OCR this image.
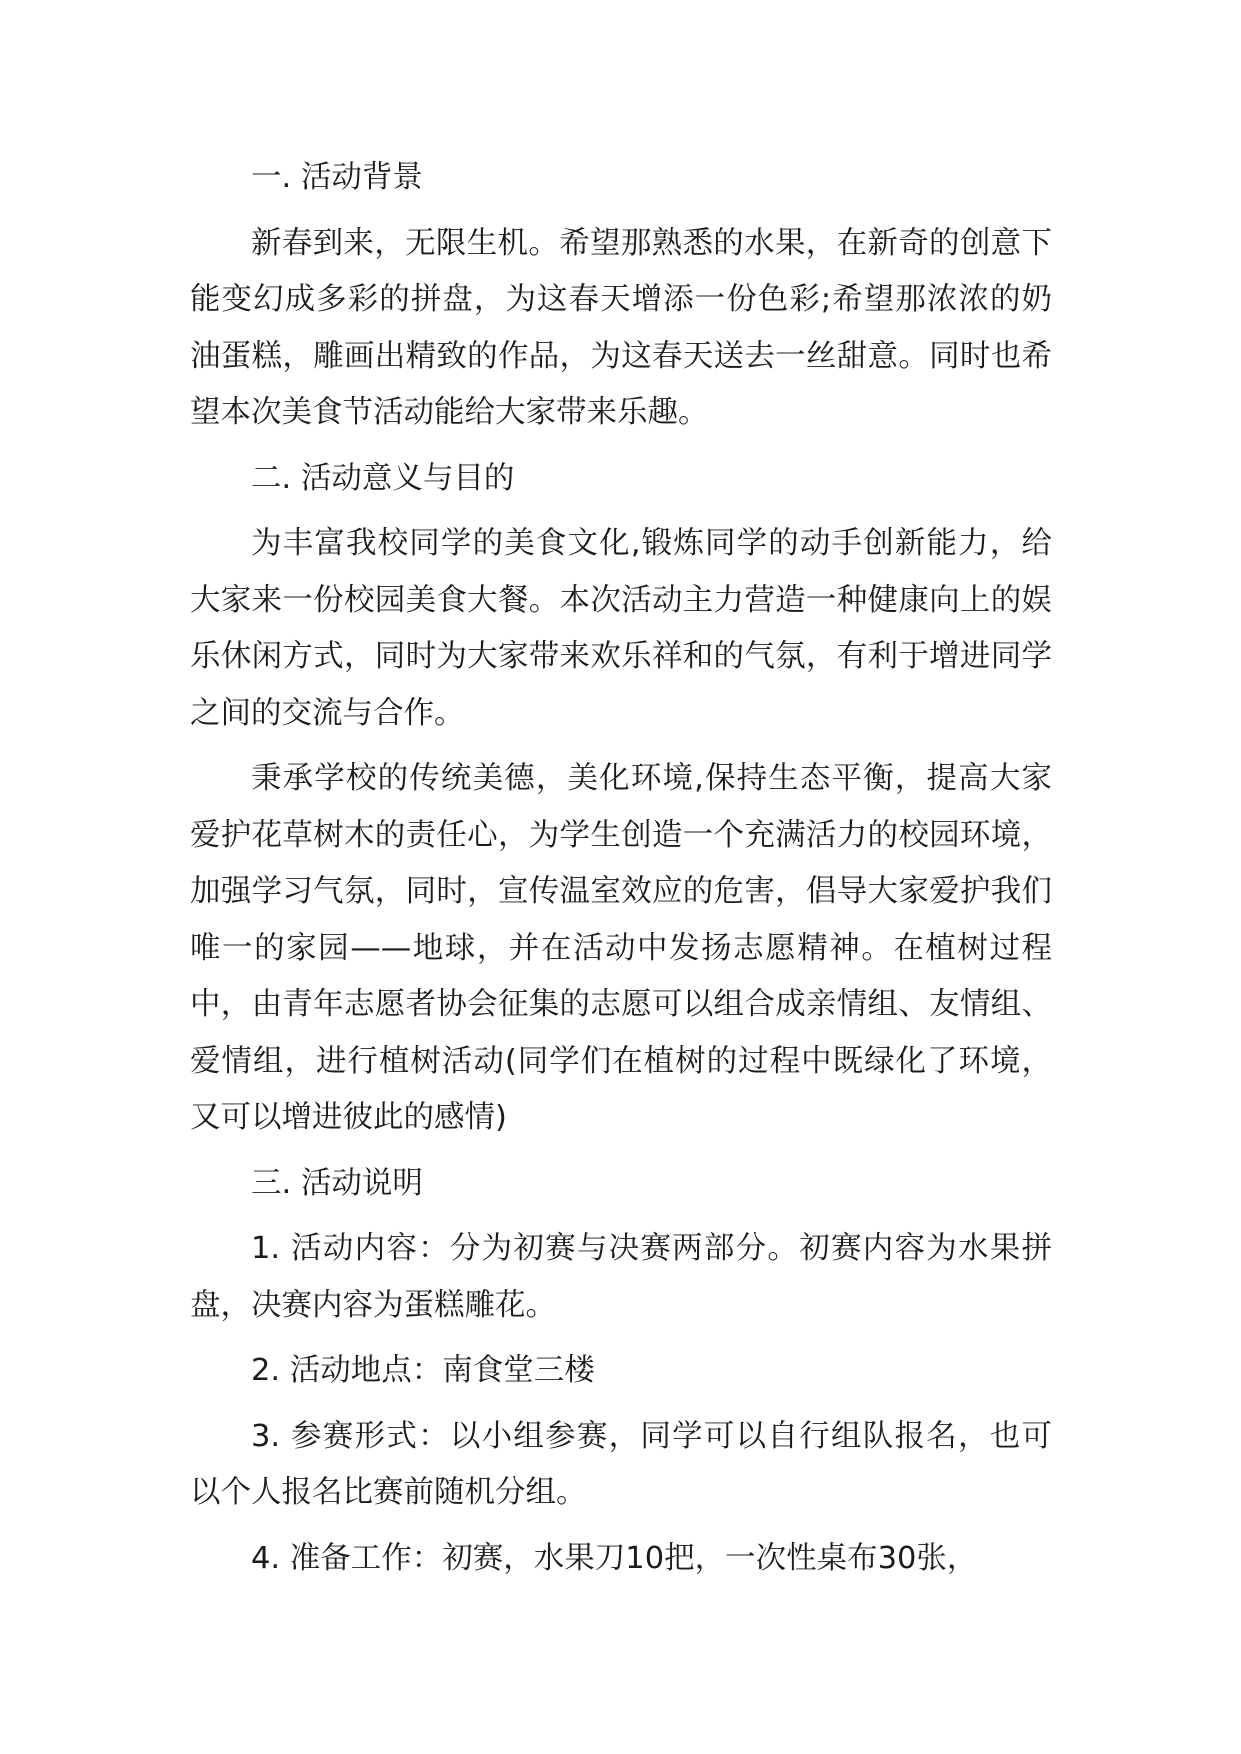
一. 活动背景

新春到来，无限生机。希望那熟悉的水果，在新奇的创意下能变幻成多彩的拼盘，为这春天增添一份色彩;希望那浓浓的奶油蛋糕，雕画出精致的作品，为这春天送去一丝甜意。同时也希望本次美食节活动能给大家带来乐趣。

二. 活动意义与目的

为丰富我校同学的美食文化,锻炼同学的动手创新能力，给大家来一份校园美食大餐。本次活动主力营造一种健康向上的娱乐休闲方式，同时为大家带来欢乐祥和的气氛，有利于增进同学之间的交流与合作。

秉承学校的传统美德，美化环境,保持生态平衡，提高大家爱护花草树木的责任心，为学生创造一个充满活力的校园环境，加强学习气氛，同时，宣传温室效应的危害，倡导大家爱护我们唯一的家园——地球，并在活动中发扬志愿精神。在植树过程中，由青年志愿者协会征集的志愿可以组合成亲情组、友情组、爱情组，进行植树活动(同学们在植树的过程中既绿化了环境，又可以增进彼此的感情)

三. 活动说明

1. 活动内容：分为初赛与决赛两部分。初赛内容为水果拼盘，决赛内容为蛋糕雕花。

2. 活动地点：南食堂三楼

3. 参赛形式：以小组参赛，同学可以自行组队报名，也可以个人报名比赛前随机分组。

4. 准备工作：初赛，水果刀10把，一次性桌布30张，
